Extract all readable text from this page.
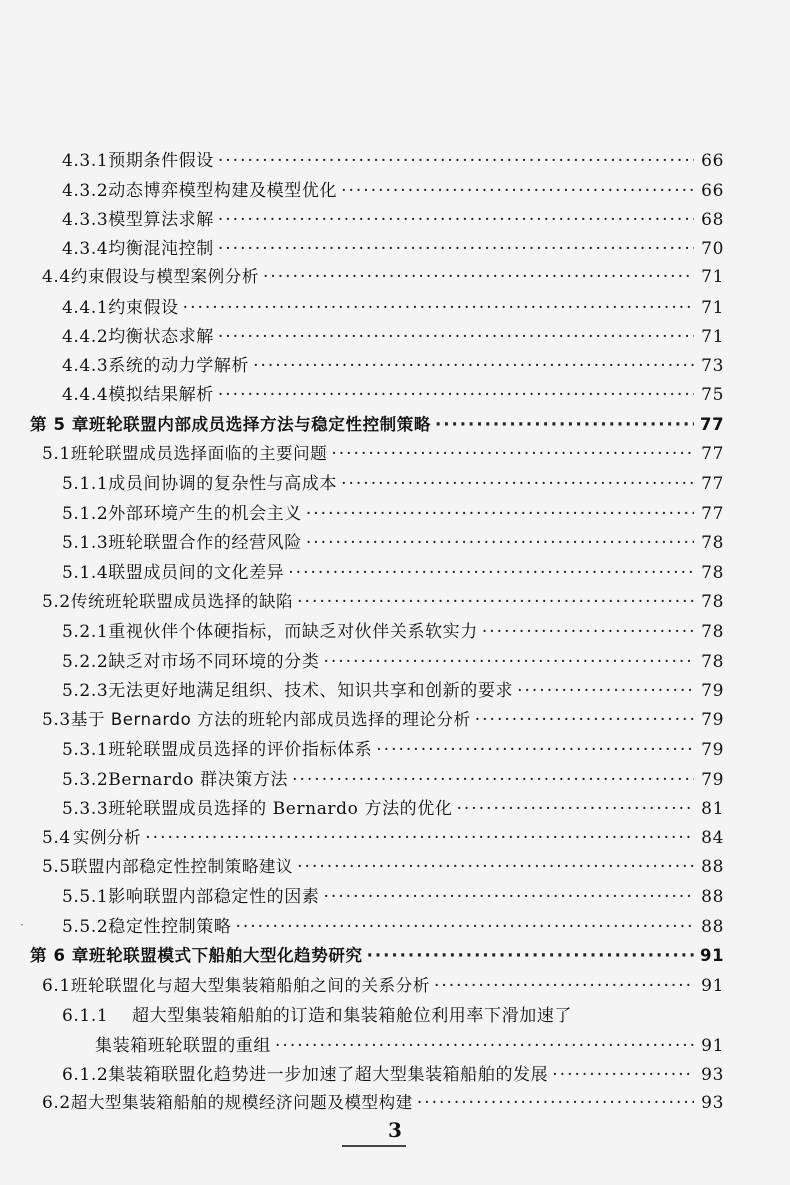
4.3.1 预期条件假设 ·····	66
4.3.2 动态博弈模型构建及模型优化 ·····	66
4.3.3 模型算法求解 ·····	68
4.3.4 均衡混沌控制 ·····	70
4.4 约束假设与模型案例分析 ·····	71
4.4.1 约束假设 ·····	71
4.4.2 均衡状态求解 ·····	71
4.4.3 系统的动力学解析 ·····	73
4.4.4 模拟结果解析 ·····	75
第 5 章 班轮联盟内部成员选择方法与稳定性控制策略 ·····	77
5.1 班轮联盟成员选择面临的主要问题 ·····	77
5.1.1 成员间协调的复杂性与高成本 ·····	77
5.1.2 外部环境产生的机会主义 ·····	77
5.1.3 班轮联盟合作的经营风险 ·····	78
5.1.4 联盟成员间的文化差异 ·····	78
5.2 传统班轮联盟成员选择的缺陷 ·····	78
5.2.1 重视伙伴个体硬指标，而缺乏对伙伴关系软实力 ·····	78
5.2.2 缺乏对市场不同环境的分类 ·····	78
5.2.3 无法更好地满足组织、技术、知识共享和创新的要求 ·····	79
5.3 基于 Bernardo 方法的班轮内部成员选择的理论分析 ·····	79
5.3.1 班轮联盟成员选择的评价指标体系 ·····	79
5.3.2 Bernardo 群决策方法 ·····	79
5.3.3 班轮联盟成员选择的 Bernardo 方法的优化 ·····	81
5.4 实例分析 ·····	84
5.5 联盟内部稳定性控制策略建议 ·····	88
5.5.1 影响联盟内部稳定性的因素 ·····	88
5.5.2 稳定性控制策略 ·····	88
第 6 章 班轮联盟模式下船舶大型化趋势研究 ·····	91
6.1 班轮联盟化与超大型集装箱船舶之间的关系分析 ·····	91
6.1.1	超大型集装箱船舶的订造和集装箱舱位利用率下滑加速了
集装箱班轮联盟的重组 ·····	91
6.1.2 集装箱联盟化趋势进一步加速了超大型集装箱船舶的发展 ·····	93
6.2 超大型集装箱船舶的规模经济问题及模型构建 ·····	93
·
3
